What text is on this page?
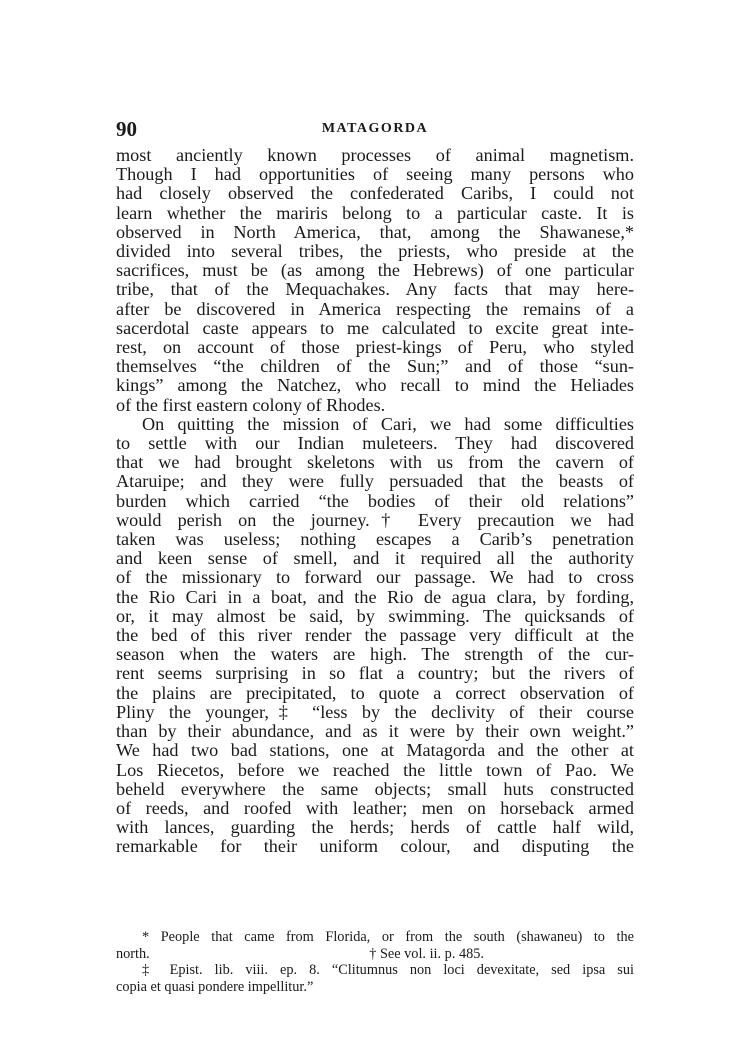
90	MATAGORDA
most anciently known processes of animal magnetism.
Though I had opportunities of seeing many persons who
had closely observed the confederated Caribs, I could not
learn whether the mariris belong to a particular caste. It is
observed in North America, that, among the Shawanese,*
divided into several tribes, the priests, who preside at the
sacrifices, must be (as among the Hebrews) of one particular
tribe, that of the Mequachakes. Any facts that may here-
after be discovered in America respecting the remains of a
sacerdotal caste appears to me calculated to excite great inte-
rest, on account of those priest-kings of Peru, who styled
themselves “the children of the Sun;” and of those “sun-
kings” among the Natchez, who recall to mind the Heliades
of the first eastern colony of Rhodes.
On quitting the mission of Cari, we had some difficulties
to settle with our Indian muleteers. They had discovered
that we had brought skeletons with us from the cavern of
Ataruipe; and they were fully persuaded that the beasts of
burden which carried “the bodies of their old relations”
would perish on the journey.† Every precaution we had
taken was useless; nothing escapes a Carib’s penetration
and keen sense of smell, and it required all the authority
of the missionary to forward our passage. We had to cross
the Rio Cari in a boat, and the Rio de agua clara, by fording,
or, it may almost be said, by swimming. The quicksands of
the bed of this river render the passage very difficult at the
season when the waters are high. The strength of the cur-
rent seems surprising in so flat a country; but the rivers of
the plains are precipitated, to quote a correct observation of
Pliny the younger,‡ “less by the declivity of their course
than by their abundance, and as it were by their own weight.”
We had two bad stations, one at Matagorda and the other at
Los Riecetos, before we reached the little town of Pao. We
beheld everywhere the same objects; small huts constructed
of reeds, and roofed with leather; men on horseback armed
with lances, guarding the herds; herds of cattle half wild,
remarkable for their uniform colour, and disputing the
* People that came from Florida, or from the south (shawaneu) to the
north.	† See vol. ii. p. 485.
‡ Epist. lib. viii. ep. 8. “Clitumnus non loci devexitate, sed ipsa sui
copia et quasi pondere impellitur.”
